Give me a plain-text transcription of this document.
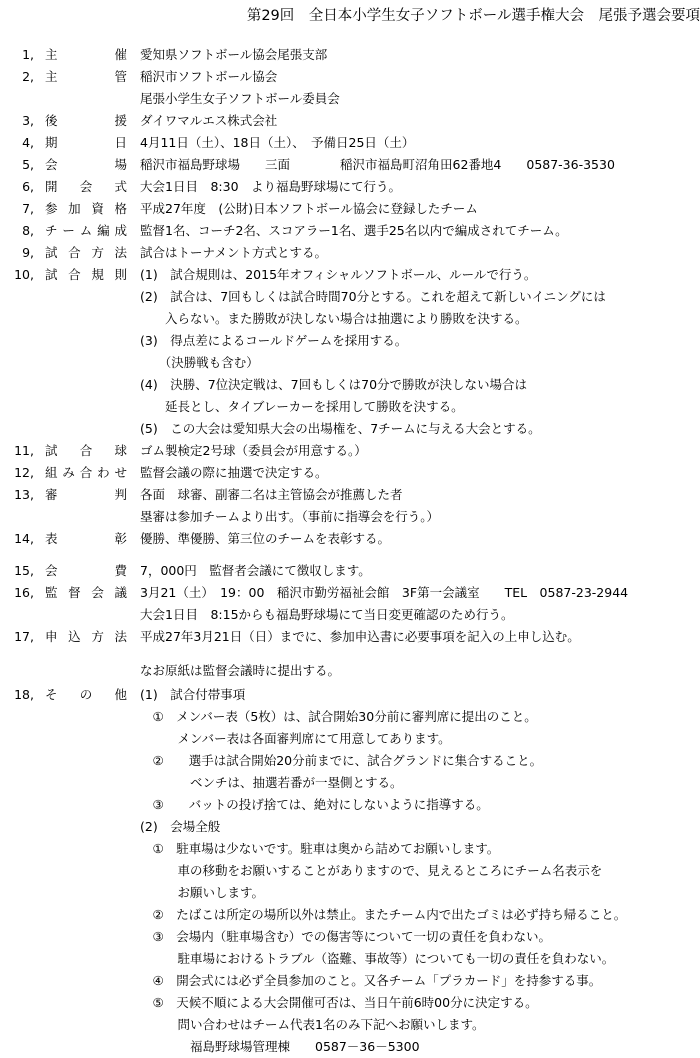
第29回　全日本小学生女子ソフトボール選手権大会　尾張予選会要項
1, 主　催 愛知県ソフトボール協会尾張支部
2, 主　管 稲沢市ソフトボール協会
尾張小学生女子ソフトボール委員会
3, 後　援 ダイワマルエス株式会社
4, 期　日 4月11日（土）、18日（土）、　予備日25日（土）
5, 会　場 稲沢市福島野球場　　三面　　　　稲沢市福島町沼角田62番地4　　0587-36-3530
6, 開会式 大会1日目　8:30　より福島野球場にて行う。
7, 参加資格 平成27年度　(公財)日本ソフトボール協会に登録したチーム
8, チーム編成 監督1名、コーチ2名、スコアラー1名、選手25名以内で編成されてチーム。
9, 試合方法 試合はトーナメント方式とする。
10, 試合規則 (1)　試合規則は、2015年オフィシャルソフトボール、ルールで行う。
(2)　試合は、7回もしくは試合時間70分とする。これを超えて新しいイニングには
　　入らない。また勝敗が決しない場合は抽選により勝敗を決する。
(3)　得点差によるコールドゲームを採用する。
　　（決勝戦も含む）
(4)　決勝、7位決定戦は、7回もしくは70分で勝敗が決しない場合は
　　延長とし、タイブレーカーを採用して勝敗を決する。
(5)　この大会は愛知県大会の出場権を、7チームに与える大会とする。
11, 試合球 ゴム製検定2号球（委員会が用意する。）
12, 組み合わせ 監督会議の際に抽選で決定する。
13, 審　判 各面　球審、副審二名は主管協会が推薦した者
塁審は参加チームより出す。（事前に指導会を行う。）
14, 表　彰 優勝、準優勝、第三位のチームを表彰する。
15, 会　費 7，000円　監督者会議にて徴収します。
16, 監督会議 3月21（土）　19：00　稲沢市勤労福祉会館　3F第一会議室　　TEL　0587-23-2944
大会1日目　8:15からも福島野球場にて当日変更確認のため行う。
17, 申込方法 平成27年3月21日（日）までに、参加申込書に必要事項を記入の上申し込む。
なお原紙は監督会議時に提出する。
18, その他 (1)　試合付帯事項
　①　メンバー表（5枚）は、試合開始30分前に審判席に提出のこと。
　　　メンバー表は各面審判席にて用意してあります。
　②　　選手は試合開始20分前までに、試合グランドに集合すること。
　　　　ベンチは、抽選若番が一塁側とする。
　③　　バットの投げ捨ては、絶対にしないように指導する。
(2)　会場全般
　①　駐車場は少ないです。駐車は奥から詰めてお願いします。
　　　車の移動をお願いすることがありますので、見えるところにチーム名表示を
　　　お願いします。
　②　たばこは所定の場所以外は禁止。またチーム内で出たゴミは必ず持ち帰ること。
　③　会場内（駐車場含む）での傷害等について一切の責任を負わない。
　　　駐車場におけるトラブル（盗難、事故等）についても一切の責任を負わない。
　④　開会式には必ず全員参加のこと。又各チーム「プラカード」を持参する事。
　⑤　天候不順による大会開催可否は、当日午前6時00分に決定する。
　　　問い合わせはチーム代表1名のみ下記へお願いします。
　　　　福島野球場管理棟　　0587－36－5300
